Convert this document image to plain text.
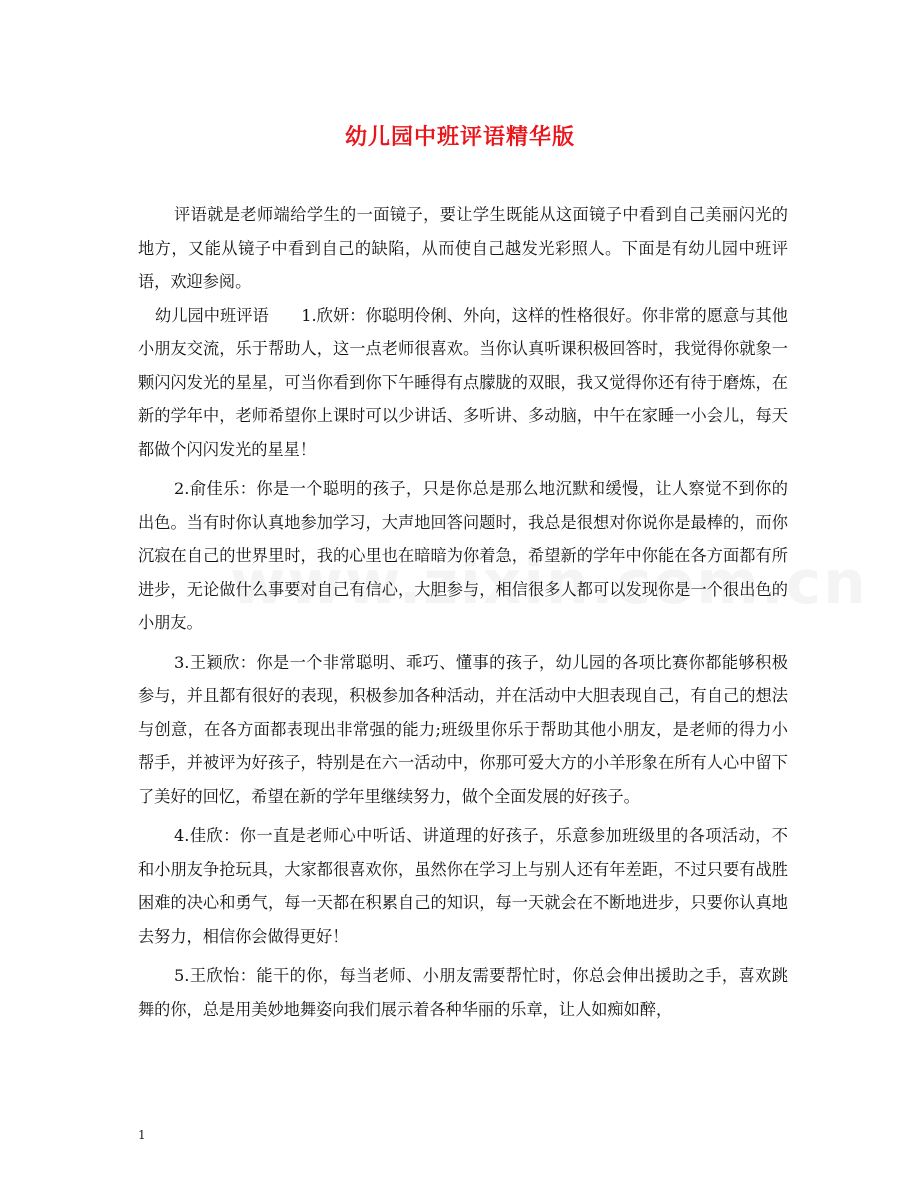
幼儿园中班评语精华版

评语就是老师端给学生的一面镜子，要让学生既能从这面镜子中看到自己美丽闪光的地方，又能从镜子中看到自己的缺陷，从而使自己越发光彩照人。下面是有幼儿园中班评语，欢迎参阅。

幼儿园中班评语　　1.欣妍：你聪明伶俐、外向，这样的性格很好。你非常的愿意与其他小朋友交流，乐于帮助人，这一点老师很喜欢。当你认真听课积极回答时，我觉得你就象一颗闪闪发光的星星，可当你看到你下午睡得有点朦胧的双眼，我又觉得你还有待于磨炼，在新的学年中，老师希望你上课时可以少讲话、多听讲、多动脑，中午在家睡一小会儿，每天都做个闪闪发光的星星！

2.俞佳乐：你是一个聪明的孩子，只是你总是那么地沉默和缓慢，让人察觉不到你的出色。当有时你认真地参加学习，大声地回答问题时，我总是很想对你说你是最棒的，而你沉寂在自己的世界里时，我的心里也在暗暗为你着急，希望新的学年中你能在各方面都有所进步，无论做什么事要对自己有信心，大胆参与，相信很多人都可以发现你是一个很出色的小朋友。

3.王颖欣：你是一个非常聪明、乖巧、懂事的孩子，幼儿园的各项比赛你都能够积极参与，并且都有很好的表现，积极参加各种活动，并在活动中大胆表现自己，有自己的想法与创意，在各方面都表现出非常强的能力;班级里你乐于帮助其他小朋友，是老师的得力小帮手，并被评为好孩子，特别是在六一活动中，你那可爱大方的小羊形象在所有人心中留下了美好的回忆，希望在新的学年里继续努力，做个全面发展的好孩子。

4.佳欣：你一直是老师心中听话、讲道理的好孩子，乐意参加班级里的各项活动，不和小朋友争抢玩具，大家都很喜欢你，虽然你在学习上与别人还有年差距，不过只要有战胜困难的决心和勇气，每一天都在积累自己的知识，每一天就会在不断地进步，只要你认真地去努力，相信你会做得更好！

5.王欣怡：能干的你，每当老师、小朋友需要帮忙时，你总会伸出援助之手，喜欢跳舞的你，总是用美妙地舞姿向我们展示着各种华丽的乐章，让人如痴如醉，

1
